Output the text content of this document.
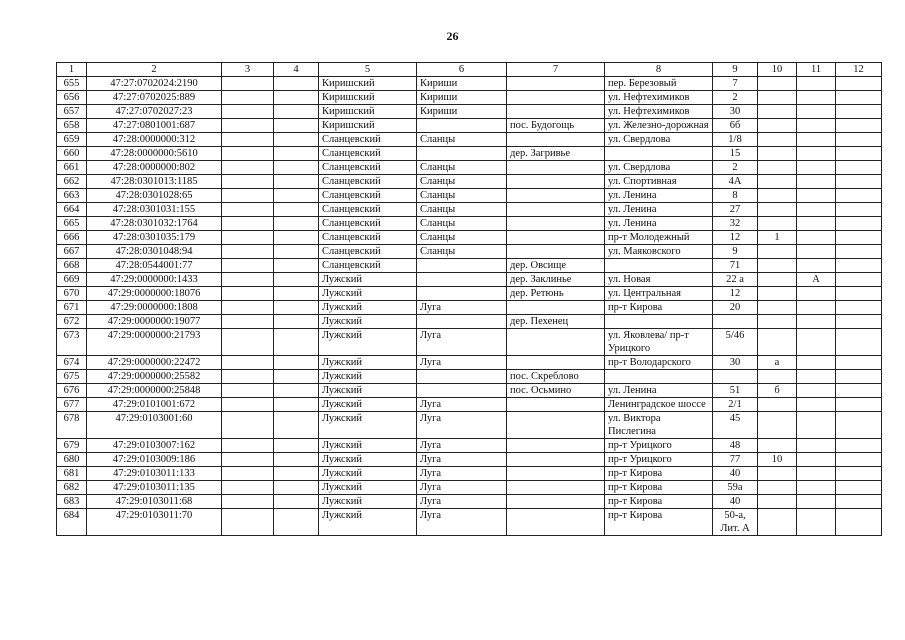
26
1	2	3	4	5	6	7	8	9	10	11	12
655	47:27:0702024:2190			Киришский	Кириши		пер. Березовый	7			
656	47:27:0702025:889			Киришский	Кириши		ул. Нефтехимиков	2			
657	47:27:0702027:23			Киришский	Кириши		ул. Нефтехимиков	30			
658	47:27:0801001:687			Киришский		пос. Будогощь	ул. Железно-дорожная	6б			
659	47:28:0000000:312			Сланцевский	Сланцы		ул. Свердлова	1/8			
660	47:28:0000000:5610			Сланцевский		дер. Загривье		15			
661	47:28:0000000:802			Сланцевский	Сланцы		ул. Свердлова	2			
662	47:28:0301013:1185			Сланцевский	Сланцы		ул. Спортивная	4А			
663	47:28:0301028:65			Сланцевский	Сланцы		ул. Ленина	8			
664	47:28:0301031:155			Сланцевский	Сланцы		ул. Ленина	27			
665	47:28:0301032:1764			Сланцевский	Сланцы		ул. Ленина	32			
666	47:28:0301035:179			Сланцевский	Сланцы		пр-т Молодежный	12	1		
667	47:28:0301048:94			Сланцевский	Сланцы		ул. Маяковского	9			
668	47:28:0544001:77			Сланцевский		дер. Овсище		71			
669	47:29:0000000:1433			Лужский		дер. Заклинье	ул. Новая	22 а		А	
670	47:29:0000000:18076			Лужский		дер. Ретюнь	ул. Центральная	12			
671	47:29:0000000:1808			Лужский	Луга		пр-т Кирова	20			
672	47:29:0000000:19077			Лужский		дер. Пехенец					
673	47:29:0000000:21793			Лужский	Луга		ул. Яковлева/ пр-т Урицкого	5/46			
674	47:29:0000000:22472			Лужский	Луга		пр-т Володарского	30	а		
675	47:29:0000000:25582			Лужский		пос. Скреблово					
676	47:29:0000000:25848			Лужский		пос. Осьмино	ул. Ленина	51	б		
677	47:29:0101001:672			Лужский	Луга		Ленинградское шоссе	2/1			
678	47:29:0103001:60			Лужский	Луга		ул. Виктора Пислегина	45			
679	47:29:0103007:162			Лужский	Луга		пр-т Урицкого	48			
680	47:29:0103009:186			Лужский	Луга		пр-т Урицкого	77	10		
681	47:29:0103011:133			Лужский	Луга		пр-т Кирова	40			
682	47:29:0103011:135			Лужский	Луга		пр-т Кирова	59а			
683	47:29:0103011:68			Лужский	Луга		пр-т Кирова	40			
684	47:29:0103011:70			Лужский	Луга		пр-т Кирова	50-а, Лит. А			
